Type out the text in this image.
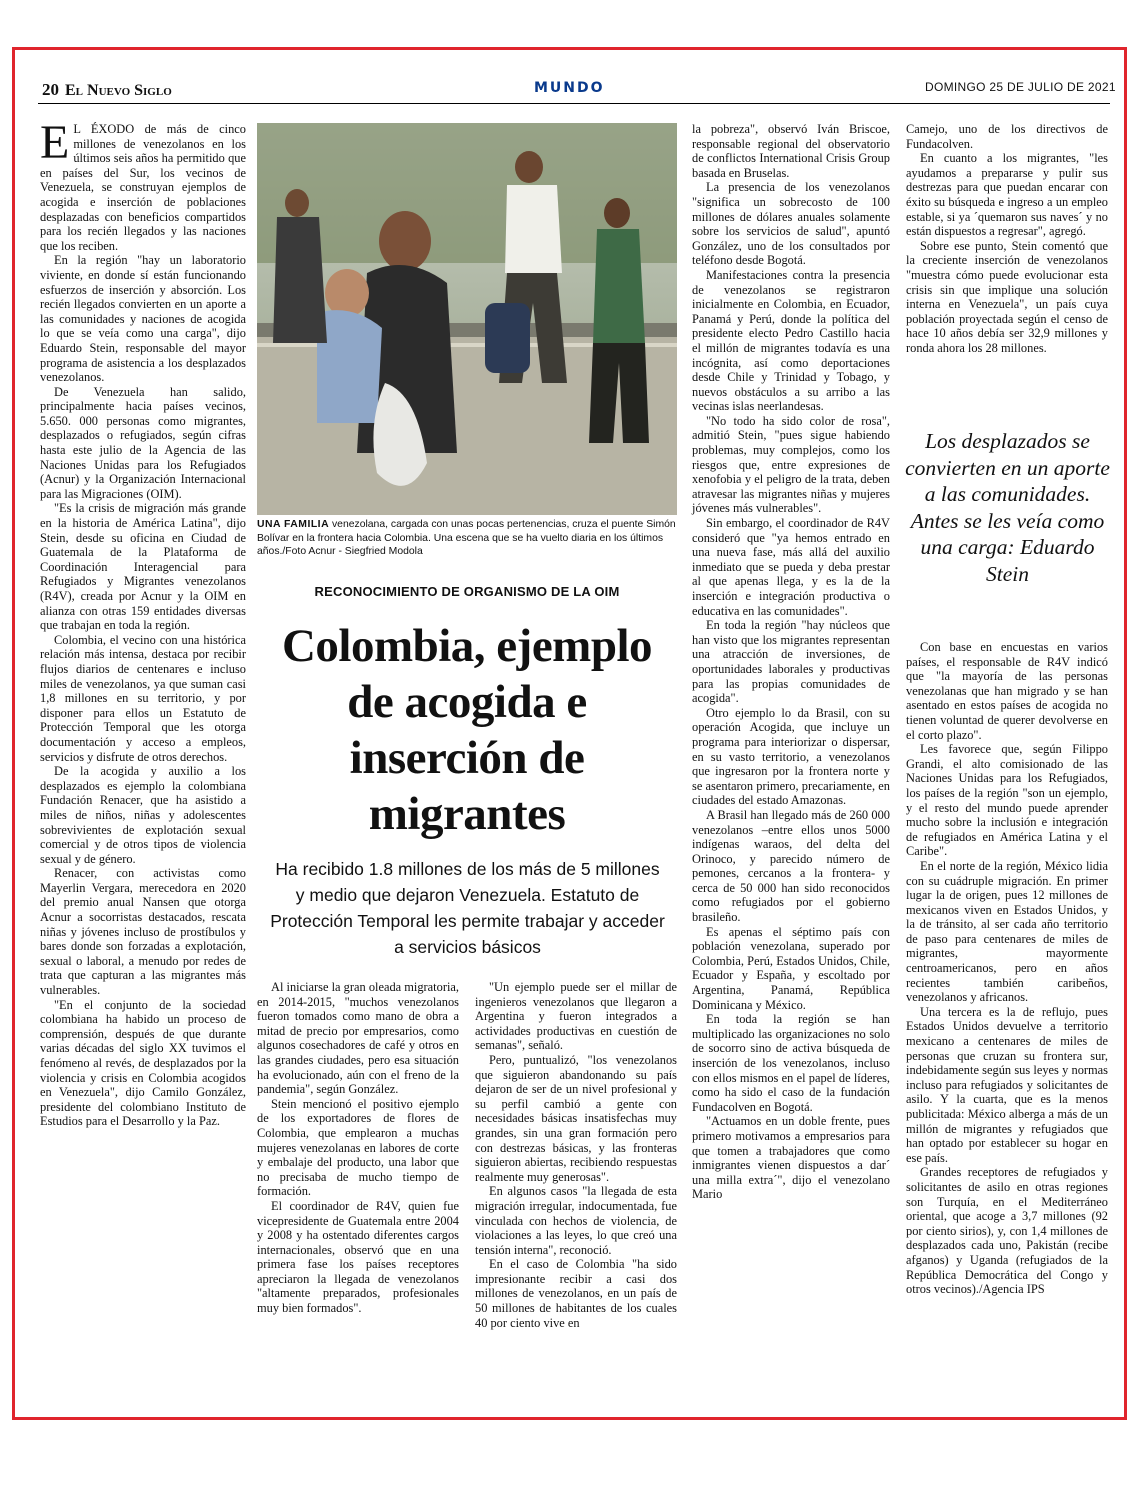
20 El Nuevo Siglo	MUNDO	DOMINGO 25 DE JULIO DE 2021

E L ÉXODO de más de cinco millones de venezolanos en los últimos seis años ha permitido que en países del Sur, los vecinos de Venezuela, se construyan ejemplos de acogida e inserción de poblaciones desplazadas con beneficios compartidos para los recién llegados y las naciones que los reciben.

En la región "hay un laboratorio viviente, en donde sí están funcionando esfuerzos de inserción y absorción. Los recién llegados convierten en un aporte a las comunidades y naciones de acogida lo que se veía como una carga", dijo Eduardo Stein, responsable del mayor programa de asistencia a los desplazados venezolanos.

De Venezuela han salido, principalmente hacia países vecinos, 5.650. 000 personas como migrantes, desplazados o refugiados, según cifras hasta este julio de la Agencia de las Naciones Unidas para los Refugiados (Acnur) y la Organización Internacional para las Migraciones (OIM).

"Es la crisis de migración más grande en la historia de América Latina", dijo Stein, desde su oficina en Ciudad de Guatemala de la Plataforma de Coordinación Interagencial para Refugiados y Migrantes venezolanos (R4V), creada por Acnur y la OIM en alianza con otras 159 entidades diversas que trabajan en toda la región.

Colombia, el vecino con una histórica relación más intensa, destaca por recibir flujos diarios de centenares e incluso miles de venezolanos, ya que suman casi 1,8 millones en su territorio, y por disponer para ellos un Estatuto de Protección Temporal que les otorga documentación y acceso a empleos, servicios y disfrute de otros derechos.

De la acogida y auxilio a los desplazados es ejemplo la colombiana Fundación Renacer, que ha asistido a miles de niños, niñas y adolescentes sobrevivientes de explotación sexual comercial y de otros tipos de violencia sexual y de género.

Renacer, con activistas como Mayerlin Vergara, merecedora en 2020 del premio anual Nansen que otorga Acnur a socorristas destacados, rescata niñas y jóvenes incluso de prostíbulos y bares donde son forzadas a explotación, sexual o laboral, a menudo por redes de trata que capturan a las migrantes más vulnerables.

"En el conjunto de la sociedad colombiana ha habido un proceso de comprensión, después de que durante varias décadas del siglo XX tuvimos el fenómeno al revés, de desplazados por la violencia y crisis en Colombia acogidos en Venezuela", dijo Camilo González, presidente del colombiano Instituto de Estudios para el Desarrollo y la Paz.

UNA FAMILIA venezolana, cargada con unas pocas pertenencias, cruza el puente Simón Bolívar en la frontera hacia Colombia. Una escena que se ha vuelto diaria en los últimos años./Foto Acnur - Siegfried Modola
RECONOCIMIENTO DE ORGANISMO DE LA OIM
Colombia, ejemplo de acogida e inserción de migrantes
Ha recibido 1.8 millones de los más de 5 millones y medio que dejaron Venezuela. Estatuto de Protección Temporal les permite trabajar y acceder a servicios básicos

Al iniciarse la gran oleada migratoria, en 2014-2015, "muchos venezolanos fueron tomados como mano de obra a mitad de precio por empresarios, como algunos cosechadores de café y otros en las grandes ciudades, pero esa situación ha evolucionado, aún con el freno de la pandemia", según González.

Stein mencionó el positivo ejemplo de los exportadores de flores de Colombia, que emplearon a muchas mujeres venezolanas en labores de corte y embalaje del producto, una labor que no precisaba de mucho tiempo de formación.

El coordinador de R4V, quien fue vicepresidente de Guatemala entre 2004 y 2008 y ha ostentado diferentes cargos internacionales, observó que en una primera fase los países receptores apreciaron la llegada de venezolanos "altamente preparados, profesionales muy bien formados".

"Un ejemplo puede ser el millar de ingenieros venezolanos que llegaron a Argentina y fueron integrados a actividades productivas en cuestión de semanas", señaló.

Pero, puntualizó, "los venezolanos que siguieron abandonando su país dejaron de ser de un nivel profesional y su perfil cambió a gente con necesidades básicas insatisfechas muy grandes, sin una gran formación pero con destrezas básicas, y las fronteras siguieron abiertas, recibiendo respuestas realmente muy generosas".

En algunos casos "la llegada de esta migración irregular, indocumentada, fue vinculada con hechos de violencia, de violaciones a las leyes, lo que creó una tensión interna", reconoció.

En el caso de Colombia "ha sido impresionante recibir a casi dos millones de venezolanos, en un país de 50 millones de habitantes de los cuales 40 por ciento vive en

la pobreza", observó Iván Briscoe, responsable regional del observatorio de conflictos International Crisis Group basada en Bruselas.

La presencia de los venezolanos "significa un sobrecosto de 100 millones de dólares anuales solamente sobre los servicios de salud", apuntó González, uno de los consultados por teléfono desde Bogotá.

Manifestaciones contra la presencia de venezolanos se registraron inicialmente en Colombia, en Ecuador, Panamá y Perú, donde la política del presidente electo Pedro Castillo hacia el millón de migrantes todavía es una incógnita, así como deportaciones desde Chile y Trinidad y Tobago, y nuevos obstáculos a su arribo a las vecinas islas neerlandesas.

"No todo ha sido color de rosa", admitió Stein, "pues sigue habiendo problemas, muy complejos, como los riesgos que, entre expresiones de xenofobia y el peligro de la trata, deben atravesar las migrantes niñas y mujeres jóvenes más vulnerables".

Sin embargo, el coordinador de R4V consideró que "ya hemos entrado en una nueva fase, más allá del auxilio inmediato que se pueda y deba prestar al que apenas llega, y es la de la inserción e integración productiva o educativa en las comunidades".

En toda la región "hay núcleos que han visto que los migrantes representan una atracción de inversiones, de oportunidades laborales y productivas para las propias comunidades de acogida".

Otro ejemplo lo da Brasil, con su operación Acogida, que incluye un programa para interiorizar o dispersar, en su vasto territorio, a venezolanos que ingresaron por la frontera norte y se asentaron primero, precariamente, en ciudades del estado Amazonas.

A Brasil han llegado más de 260 000 venezolanos –entre ellos unos 5000 indígenas waraos, del delta del Orinoco, y parecido número de pemones, cercanos a la frontera- y cerca de 50 000 han sido reconocidos como refugiados por el gobierno brasileño.

Es apenas el séptimo país con población venezolana, superado por Colombia, Perú, Estados Unidos, Chile, Ecuador y España, y escoltado por Argentina, Panamá, República Dominicana y México.

En toda la región se han multiplicado las organizaciones no solo de socorro sino de activa búsqueda de inserción de los venezolanos, incluso con ellos mismos en el papel de líderes, como ha sido el caso de la fundación Fundacolven en Bogotá.

"Actuamos en un doble frente, pues primero motivamos a empresarios para que tomen a trabajadores que como inmigrantes vienen dispuestos a dar´ una milla extra´", dijo el venezolano Mario

Camejo, uno de los directivos de Fundacolven.

En cuanto a los migrantes, "les ayudamos a prepararse y pulir sus destrezas para que puedan encarar con éxito su búsqueda e ingreso a un empleo estable, si ya ´quemaron sus naves´ y no están dispuestos a regresar", agregó.

Sobre ese punto, Stein comentó que la creciente inserción de venezolanos "muestra cómo puede evolucionar esta crisis sin que implique una solución interna en Venezuela", un país cuya población proyectada según el censo de hace 10 años debía ser 32,9 millones y ronda ahora los 28 millones.

Los desplazados se convierten en un aporte a las comunidades. Antes se les veía como una carga: Eduardo Stein

Con base en encuestas en varios países, el responsable de R4V indicó que "la mayoría de las personas venezolanas que han migrado y se han asentado en estos países de acogida no tienen voluntad de querer devolverse en el corto plazo".

Les favorece que, según Filippo Grandi, el alto comisionado de las Naciones Unidas para los Refugiados, los países de la región "son un ejemplo, y el resto del mundo puede aprender mucho sobre la inclusión e integración de refugiados en América Latina y el Caribe".

En el norte de la región, México lidia con su cuádruple migración. En primer lugar la de origen, pues 12 millones de mexicanos viven en Estados Unidos, y la de tránsito, al ser cada año territorio de paso para centenares de miles de migrantes, mayormente centroamericanos, pero en años recientes también caribeños, venezolanos y africanos.

Una tercera es la de reflujo, pues Estados Unidos devuelve a territorio mexicano a centenares de miles de personas que cruzan su frontera sur, indebidamente según sus leyes y normas incluso para refugiados y solicitantes de asilo. Y la cuarta, que es la menos publicitada: México alberga a más de un millón de migrantes y refugiados que han optado por establecer su hogar en ese país.

Grandes receptores de refugiados y solicitantes de asilo en otras regiones son Turquía, en el Mediterráneo oriental, que acoge a 3,7 millones (92 por ciento sirios), y, con 1,4 millones de desplazados cada uno, Pakistán (recibe afganos) y Uganda (refugiados de la República Democrática del Congo y otros vecinos)./Agencia IPS
